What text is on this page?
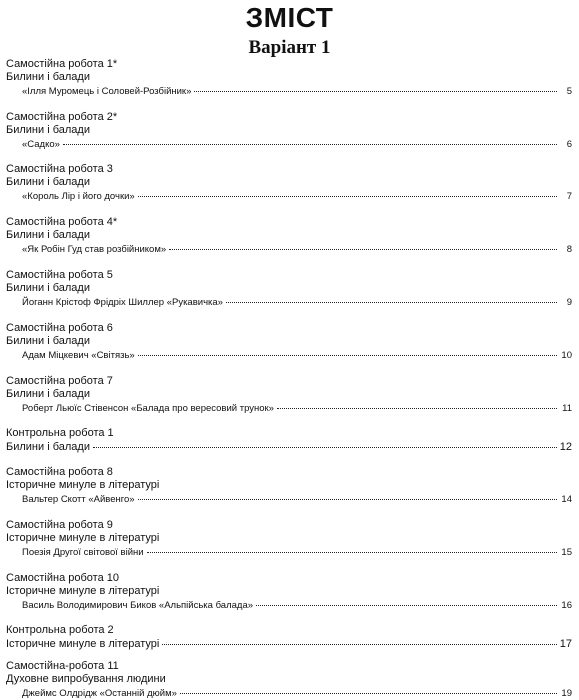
ЗМІСТ
Варіант 1
Самостійна робота 1*
Билини і балади
«Ілля Муромець і Соловей-Розбійник»	5
Самостійна робота 2*
Билини і балади
«Садко»	6
Самостійна робота 3
Билини і балади
«Король Лір і його дочки»	7
Самостійна робота 4*
Билини і балади
«Як Робін Гуд став розбійником»	8
Самостійна робота 5
Билини і балади
Йоганн Крістоф Фрідріх Шиллер «Рукавичка»	9
Самостійна робота 6
Билини і балади
Адам Міцкевич «Світязь»	10
Самостійна робота 7
Билини і балади
Роберт Льюїс Стівенсон «Балада про вересовий трунок»	11
Контрольна робота 1
Билини і балади	12
Самостійна робота 8
Історичне минуле в літературі
Вальтер Скотт «Айвенго»	14
Самостійна робота 9
Історичне минуле в літературі
Поезія Другої світової війни	15
Самостійна робота 10
Історичне минуле в літературі
Василь Володимирович Биков «Альпійська балада»	16
Контрольна робота 2
Історичне минуле в літературі	17
Самостійна-робота 11
Духовне випробування людини
Джеймс Олдрідж «Останній дюйм»	19
